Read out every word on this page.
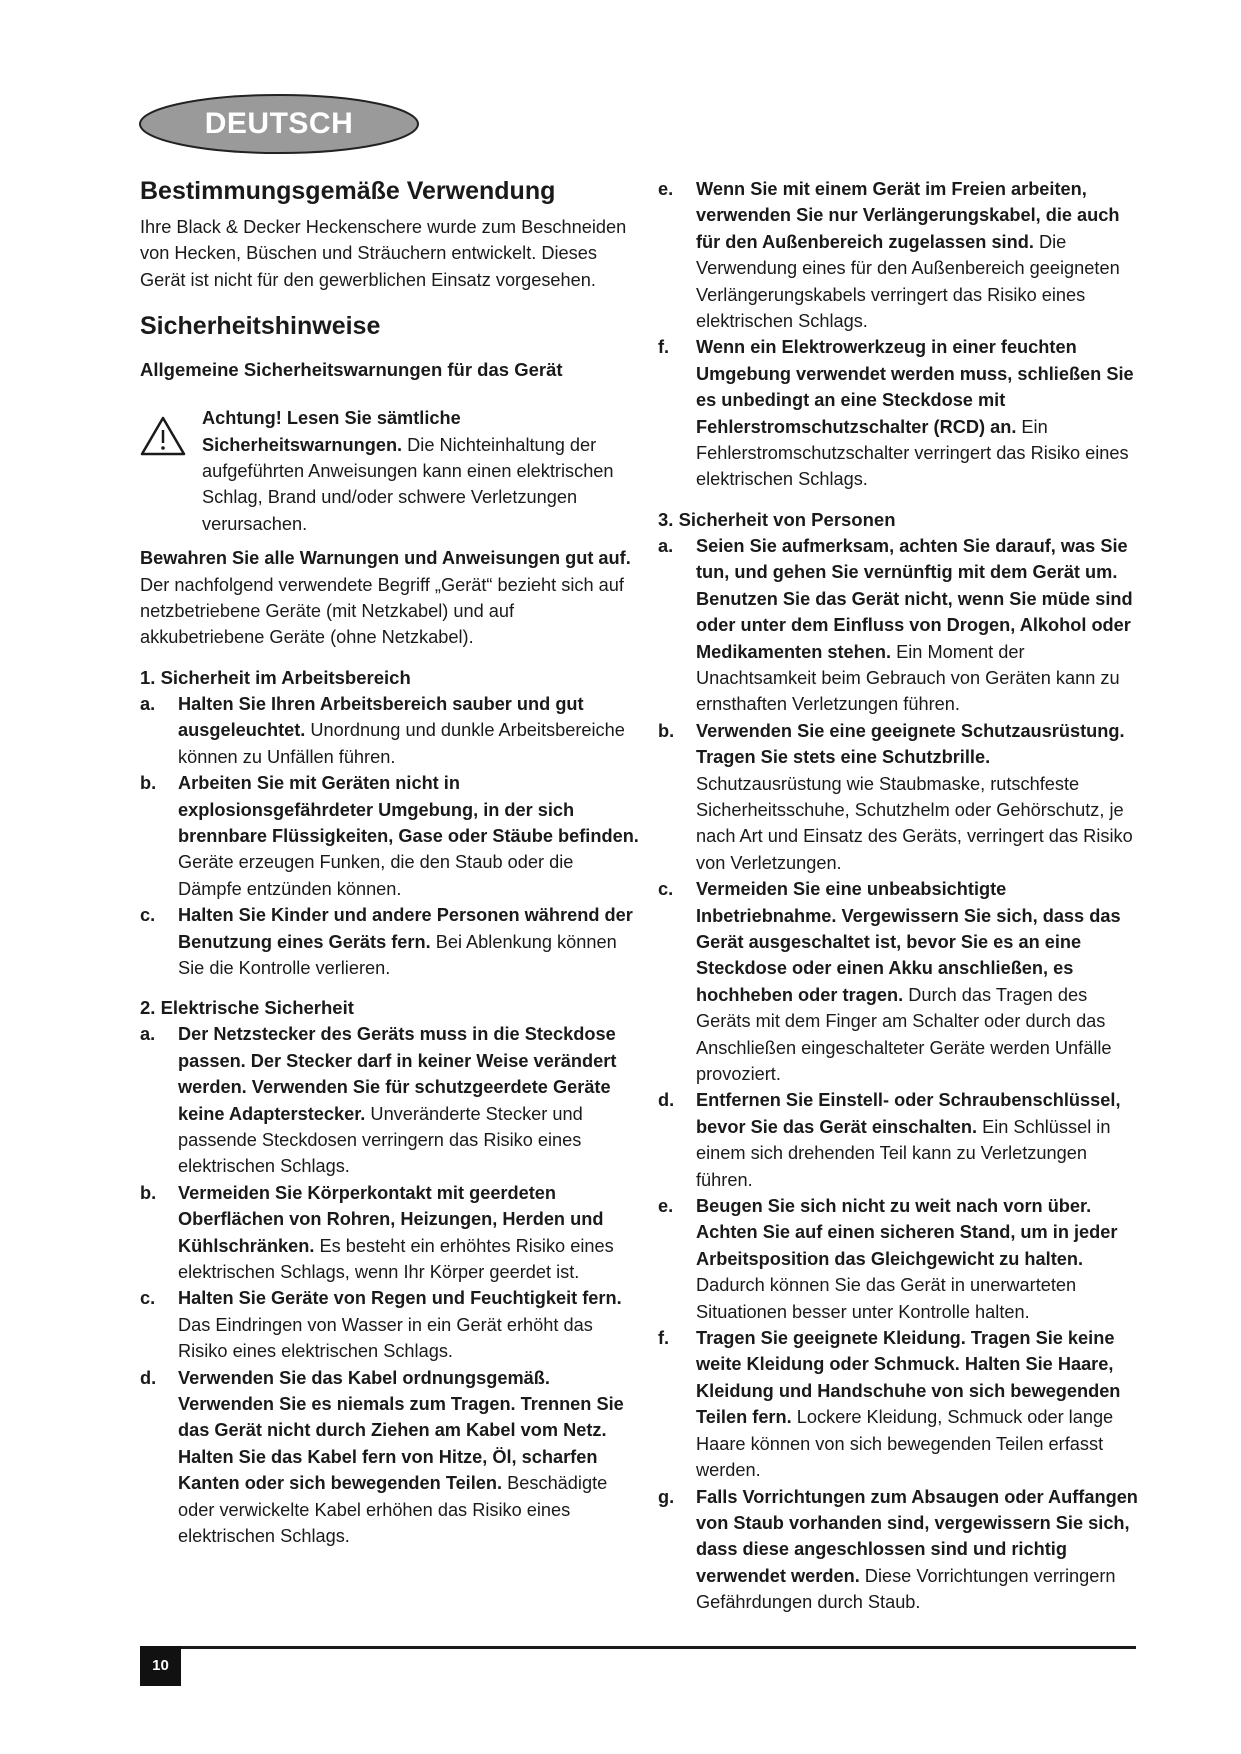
DEUTSCH
Bestimmungsgemäße Verwendung

Ihre Black & Decker Heckenschere wurde zum Beschneiden von Hecken, Büschen und Sträuchern entwickelt. Dieses Gerät ist nicht für den gewerblichen Einsatz vorgesehen.

Sicherheitshinweise
Allgemeine Sicherheitswarnungen für das Gerät

Achtung! Lesen Sie sämtliche Sicherheitswarnungen. Die Nichteinhaltung der aufgeführten Anweisungen kann einen elektrischen Schlag, Brand und/oder schwere Verletzungen verursachen.

Bewahren Sie alle Warnungen und Anweisungen gut auf.

Der nachfolgend verwendete Begriff „Gerät“ bezieht sich auf netzbetriebene Geräte (mit Netzkabel) und auf akkubetriebene Geräte (ohne Netzkabel).

1. Sicherheit im Arbeitsbereich
a. Halten Sie Ihren Arbeitsbereich sauber und gut ausgeleuchtet. Unordnung und dunkle Arbeitsbereiche können zu Unfällen führen.
b. Arbeiten Sie mit Geräten nicht in explosionsgefährdeter Umgebung, in der sich brennbare Flüssigkeiten, Gase oder Stäube befinden. Geräte erzeugen Funken, die den Staub oder die Dämpfe entzünden können.
c. Halten Sie Kinder und andere Personen während der Benutzung eines Geräts fern. Bei Ablenkung können Sie die Kontrolle verlieren.
2. Elektrische Sicherheit
a. Der Netzstecker des Geräts muss in die Steckdose passen. Der Stecker darf in keiner Weise verändert werden. Verwenden Sie für schutzgeerdete Geräte keine Adapterstecker. Unveränderte Stecker und passende Steckdosen verringern das Risiko eines elektrischen Schlags.
b. Vermeiden Sie Körperkontakt mit geerdeten Oberflächen von Rohren, Heizungen, Herden und Kühlschränken. Es besteht ein erhöhtes Risiko eines elektrischen Schlags, wenn Ihr Körper geerdet ist.
c. Halten Sie Geräte von Regen und Feuchtigkeit fern. Das Eindringen von Wasser in ein Gerät erhöht das Risiko eines elektrischen Schlags.
d. Verwenden Sie das Kabel ordnungsgemäß. Verwenden Sie es niemals zum Tragen. Trennen Sie das Gerät nicht durch Ziehen am Kabel vom Netz. Halten Sie das Kabel fern von Hitze, Öl, scharfen Kanten oder sich bewegenden Teilen. Beschädigte oder verwickelte Kabel erhöhen das Risiko eines elektrischen Schlags.
e. Wenn Sie mit einem Gerät im Freien arbeiten, verwenden Sie nur Verlängerungskabel, die auch für den Außenbereich zugelassen sind. Die Verwendung eines für den Außenbereich geeigneten Verlängerungskabels verringert das Risiko eines elektrischen Schlags.
f. Wenn ein Elektrowerkzeug in einer feuchten Umgebung verwendet werden muss, schließen Sie es unbedingt an eine Steckdose mit Fehlerstromschutzschalter (RCD) an. Ein Fehlerstromschutzschalter verringert das Risiko eines elektrischen Schlags.
3. Sicherheit von Personen
a. Seien Sie aufmerksam, achten Sie darauf, was Sie tun, und gehen Sie vernünftig mit dem Gerät um. Benutzen Sie das Gerät nicht, wenn Sie müde sind oder unter dem Einfluss von Drogen, Alkohol oder Medikamenten stehen. Ein Moment der Unachtsamkeit beim Gebrauch von Geräten kann zu ernsthaften Verletzungen führen.
b. Verwenden Sie eine geeignete Schutzausrüstung. Tragen Sie stets eine Schutzbrille. Schutzausrüstung wie Staubmaske, rutschfeste Sicherheitsschuhe, Schutzhelm oder Gehörschutz, je nach Art und Einsatz des Geräts, verringert das Risiko von Verletzungen.
c. Vermeiden Sie eine unbeabsichtigte Inbetriebnahme. Vergewissern Sie sich, dass das Gerät ausgeschaltet ist, bevor Sie es an eine Steckdose oder einen Akku anschließen, es hochheben oder tragen. Durch das Tragen des Geräts mit dem Finger am Schalter oder durch das Anschließen eingeschalteter Geräte werden Unfälle provoziert.
d. Entfernen Sie Einstell- oder Schraubenschlüssel, bevor Sie das Gerät einschalten. Ein Schlüssel in einem sich drehenden Teil kann zu Verletzungen führen.
e. Beugen Sie sich nicht zu weit nach vorn über. Achten Sie auf einen sicheren Stand, um in jeder Arbeitsposition das Gleichgewicht zu halten. Dadurch können Sie das Gerät in unerwarteten Situationen besser unter Kontrolle halten.
f. Tragen Sie geeignete Kleidung. Tragen Sie keine weite Kleidung oder Schmuck. Halten Sie Haare, Kleidung und Handschuhe von sich bewegenden Teilen fern. Lockere Kleidung, Schmuck oder lange Haare können von sich bewegenden Teilen erfasst werden.
g. Falls Vorrichtungen zum Absaugen oder Auffangen von Staub vorhanden sind, vergewissern Sie sich, dass diese angeschlossen sind und richtig verwendet werden. Diese Vorrichtungen verringern Gefährdungen durch Staub.
10
